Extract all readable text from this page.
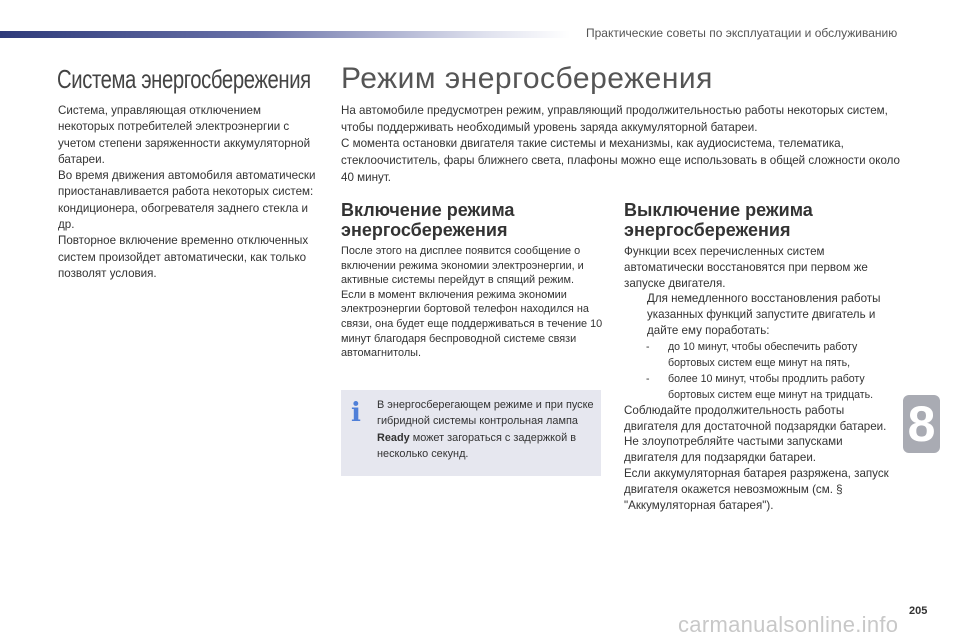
Практические советы по эксплуатации и обслуживанию
Система энергосбережения

Система, управляющая отключением некоторых потребителей электроэнергии с учетом степени заряженности аккумуляторной батареи.

Во время движения автомобиля автоматически приостанавливается работа некоторых систем: кондиционера, обогревателя заднего стекла и др.

Повторное включение временно отключенных систем произойдет автоматически, как только позволят условия.

Режим энергосбережения

На автомобиле предусмотрен режим, управляющий продолжительностью работы некоторых систем, чтобы поддерживать необходимый уровень заряда аккумуляторной батареи.

С момента остановки двигателя такие системы и механизмы, как аудиосистема, телематика, стеклоочиститель, фары ближнего света, плафоны можно еще использовать в общей сложности около 40 минут.

Включение режима энергосбережения

После этого на дисплее появится сообщение о включении режима экономии электроэнергии, и активные системы перейдут в спящий режим.

Если в момент включения режима экономии электроэнергии бортовой телефон находился на связи, она будет еще поддерживаться в течение 10 минут благодаря беспроводной системе связи автомагнитолы.

i В энергосберегающем режиме и при пуске гибридной системы контрольная лампа Ready может загораться с задержкой в несколько секунд.
Выключение режима энергосбережения

Функции всех перечисленных систем автоматически восстановятся при первом же запуске двигателя.

Для немедленного восстановления работы указанных функций запустите двигатель и дайте ему поработать:
- до 10 минут, чтобы обеспечить работу бортовых систем еще минут на пять,
- более 10 минут, чтобы продлить работу бортовых систем еще минут на тридцать.

Соблюдайте продолжительность работы двигателя для достаточной подзарядки батареи.

Не злоупотребляйте частыми запусками двигателя для подзарядки батареи.

Если аккумуляторная батарея разряжена, запуск двигателя окажется невозможным (см. § "Аккумуляторная батарея").

8
205
carmanualsonline.info
